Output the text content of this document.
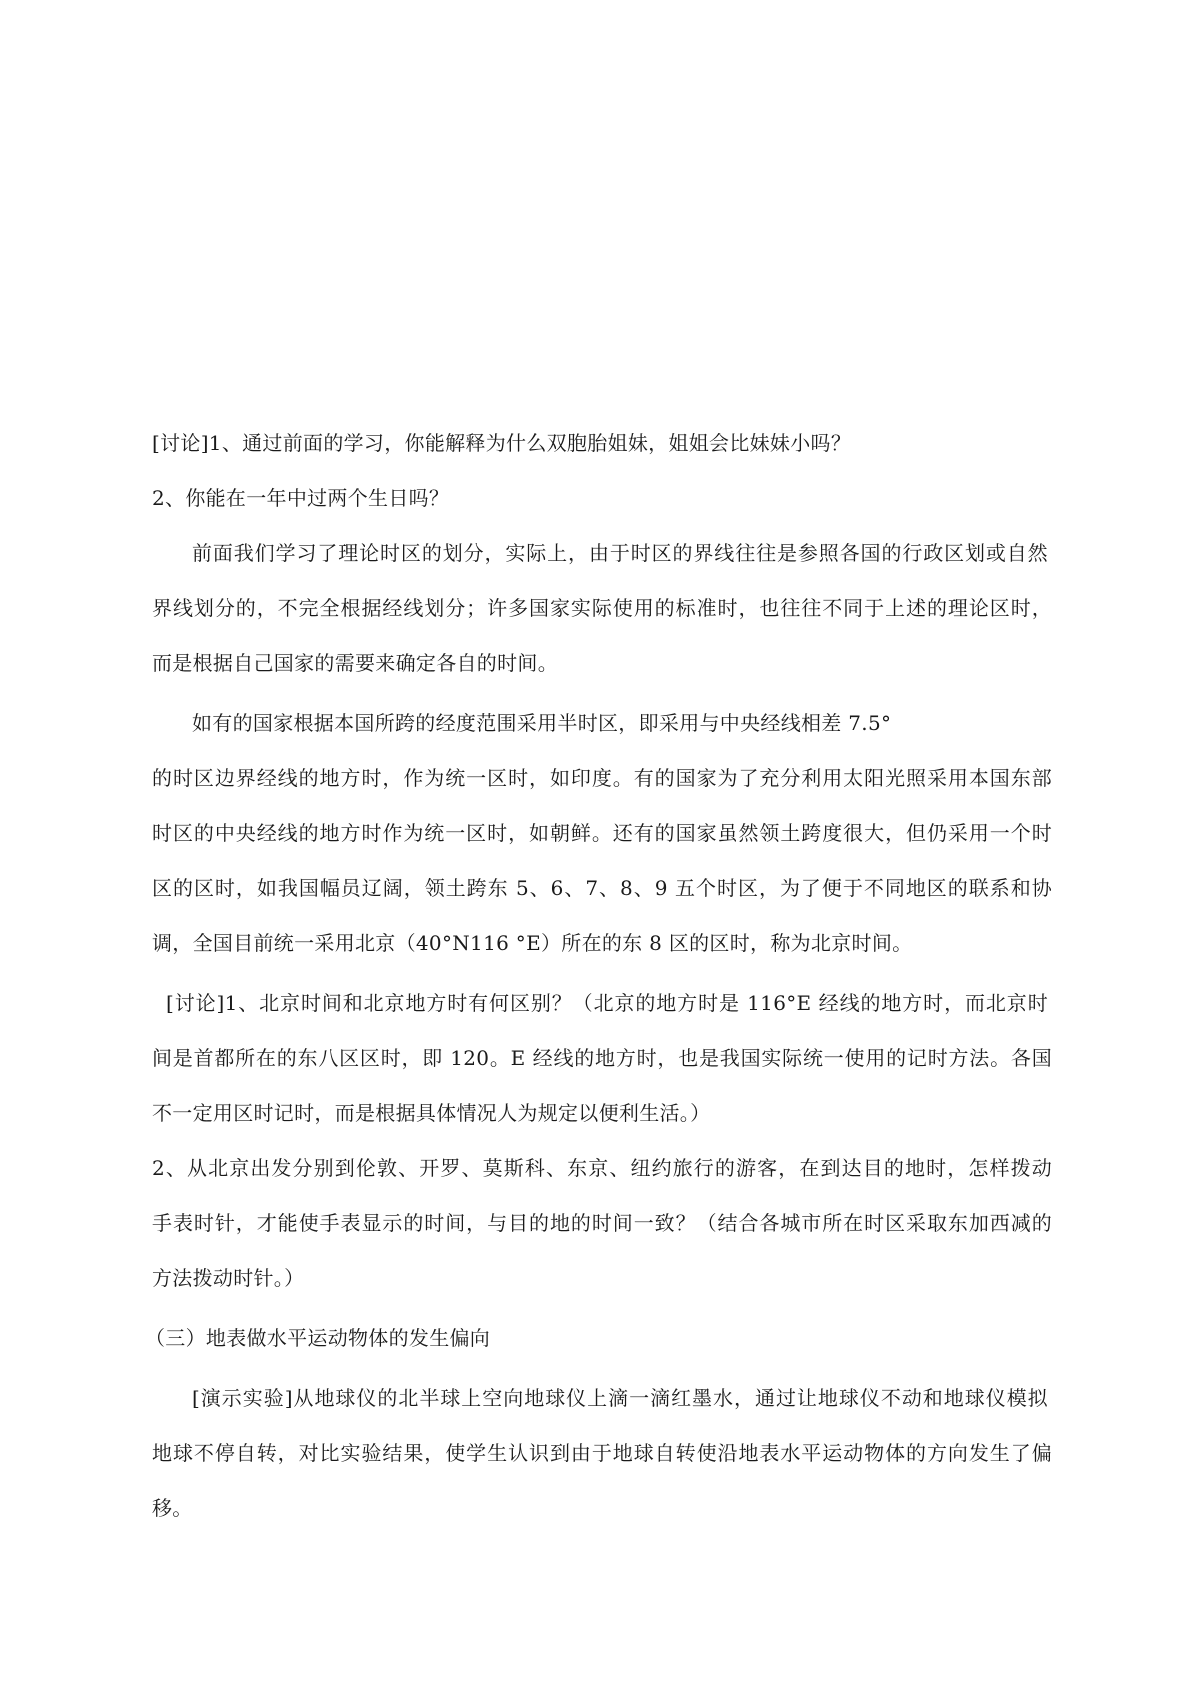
[讨论]1、通过前面的学习，你能解释为什么双胞胎姐妹，姐姐会比妹妹小吗？
2、你能在一年中过两个生日吗？
前面我们学习了理论时区的划分，实际上，由于时区的界线往往是参照各国的行政区划或自然
界线划分的，不完全根据经线划分；许多国家实际使用的标准时，也往往不同于上述的理论区时，
而是根据自己国家的需要来确定各自的时间。
如有的国家根据本国所跨的经度范围采用半时区，即采用与中央经线相差 7.5°
的时区边界经线的地方时，作为统一区时，如印度。有的国家为了充分利用太阳光照采用本国东部
时区的中央经线的地方时作为统一区时，如朝鲜。还有的国家虽然领土跨度很大，但仍采用一个时
区的区时，如我国幅员辽阔，领土跨东 5、6、7、8、9 五个时区，为了便于不同地区的联系和协
调，全国目前统一采用北京（40°N116 °E）所在的东 8 区的区时，称为北京时间。
[讨论]1、北京时间和北京地方时有何区别？（北京的地方时是 116°E 经线的地方时，而北京时
间是首都所在的东八区区时，即 120。E 经线的地方时，也是我国实际统一使用的记时方法。各国
不一定用区时记时，而是根据具体情况人为规定以便利生活。）
2、从北京出发分别到伦敦、开罗、莫斯科、东京、纽约旅行的游客，在到达目的地时，怎样拨动
手表时针，才能使手表显示的时间，与目的地的时间一致？（结合各城市所在时区采取东加西减的
方法拨动时针。）
（三）地表做水平运动物体的发生偏向
[演示实验]从地球仪的北半球上空向地球仪上滴一滴红墨水，通过让地球仪不动和地球仪模拟
地球不停自转，对比实验结果，使学生认识到由于地球自转使沿地表水平运动物体的方向发生了偏
移。
